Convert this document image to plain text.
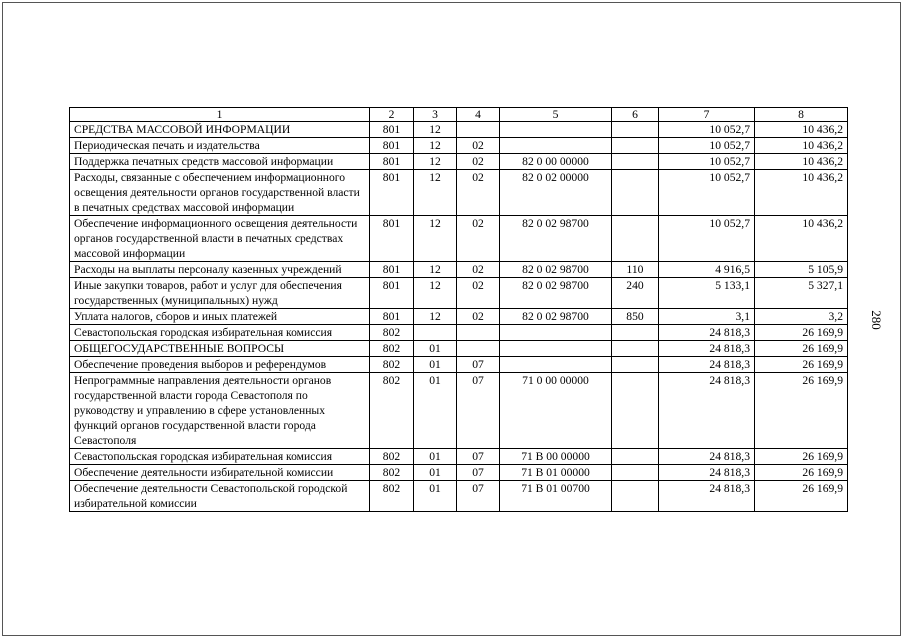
1	2	3	4	5	6	7	8
СРЕДСТВА МАССОВОЙ ИНФОРМАЦИИ	801	12				10 052,7	10 436,2
Периодическая печать и издательства	801	12	02			10 052,7	10 436,2
Поддержка печатных средств массовой информации	801	12	02	82 0 00 00000		10 052,7	10 436,2
Расходы, связанные с обеспечением информационного освещения деятельности органов государственной власти в печатных средствах массовой информации	801	12	02	82 0 02 00000		10 052,7	10 436,2
Обеспечение информационного освещения деятельности органов государственной власти в печатных средствах массовой информации	801	12	02	82 0 02 98700		10 052,7	10 436,2
Расходы на выплаты персоналу казенных учреждений	801	12	02	82 0 02 98700	110	4 916,5	5 105,9
Иные закупки товаров, работ и услуг для обеспечения государственных (муниципальных) нужд	801	12	02	82 0 02 98700	240	5 133,1	5 327,1
Уплата налогов, сборов и иных платежей	801	12	02	82 0 02 98700	850	3,1	3,2
Севастопольская городская избирательная комиссия	802					24 818,3	26 169,9
ОБЩЕГОСУДАРСТВЕННЫЕ ВОПРОСЫ	802	01				24 818,3	26 169,9
Обеспечение проведения выборов и референдумов	802	01	07			24 818,3	26 169,9
Непрограммные направления деятельности органов государственной власти города Севастополя по руководству и управлению в сфере установленных функций органов государственной власти города Севастополя	802	01	07	71 0 00 00000		24 818,3	26 169,9
Севастопольская городская избирательная комиссия	802	01	07	71 В 00 00000		24 818,3	26 169,9
Обеспечение деятельности избирательной комиссии	802	01	07	71 В 01 00000		24 818,3	26 169,9
Обеспечение деятельности Севастопольской городской избирательной комиссии	802	01	07	71 В 01 00700		24 818,3	26 169,9
280
